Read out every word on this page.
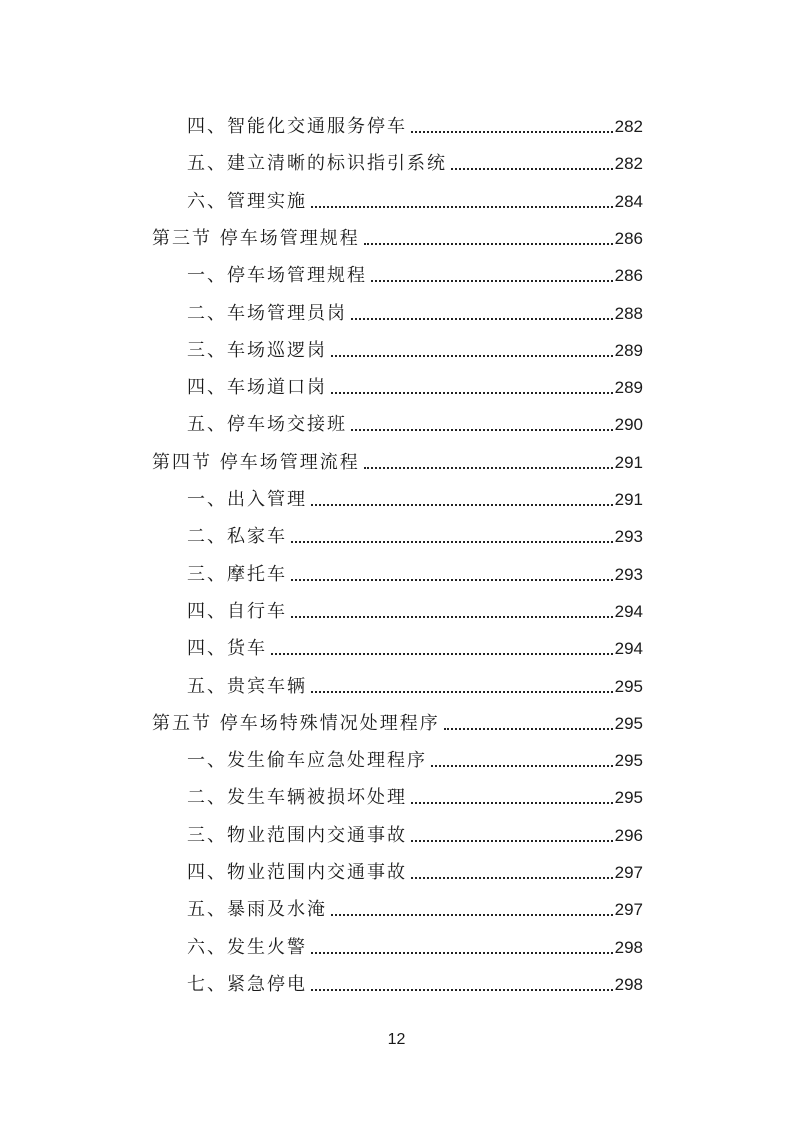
四、智能化交通服务停车	282
五、建立清晰的标识指引系统	282
六、管理实施	284
第三节 停车场管理规程	286
一、停车场管理规程	286
二、车场管理员岗	288
三、车场巡逻岗	289
四、车场道口岗	289
五、停车场交接班	290
第四节 停车场管理流程	291
一、出入管理	291
二、私家车	293
三、摩托车	293
四、自行车	294
四、货车	294
五、贵宾车辆	295
第五节 停车场特殊情况处理程序	295
一、发生偷车应急处理程序	295
二、发生车辆被损坏处理	295
三、物业范围内交通事故	296
四、物业范围内交通事故	297
五、暴雨及水淹	297
六、发生火警	298
七、紧急停电	298
12
